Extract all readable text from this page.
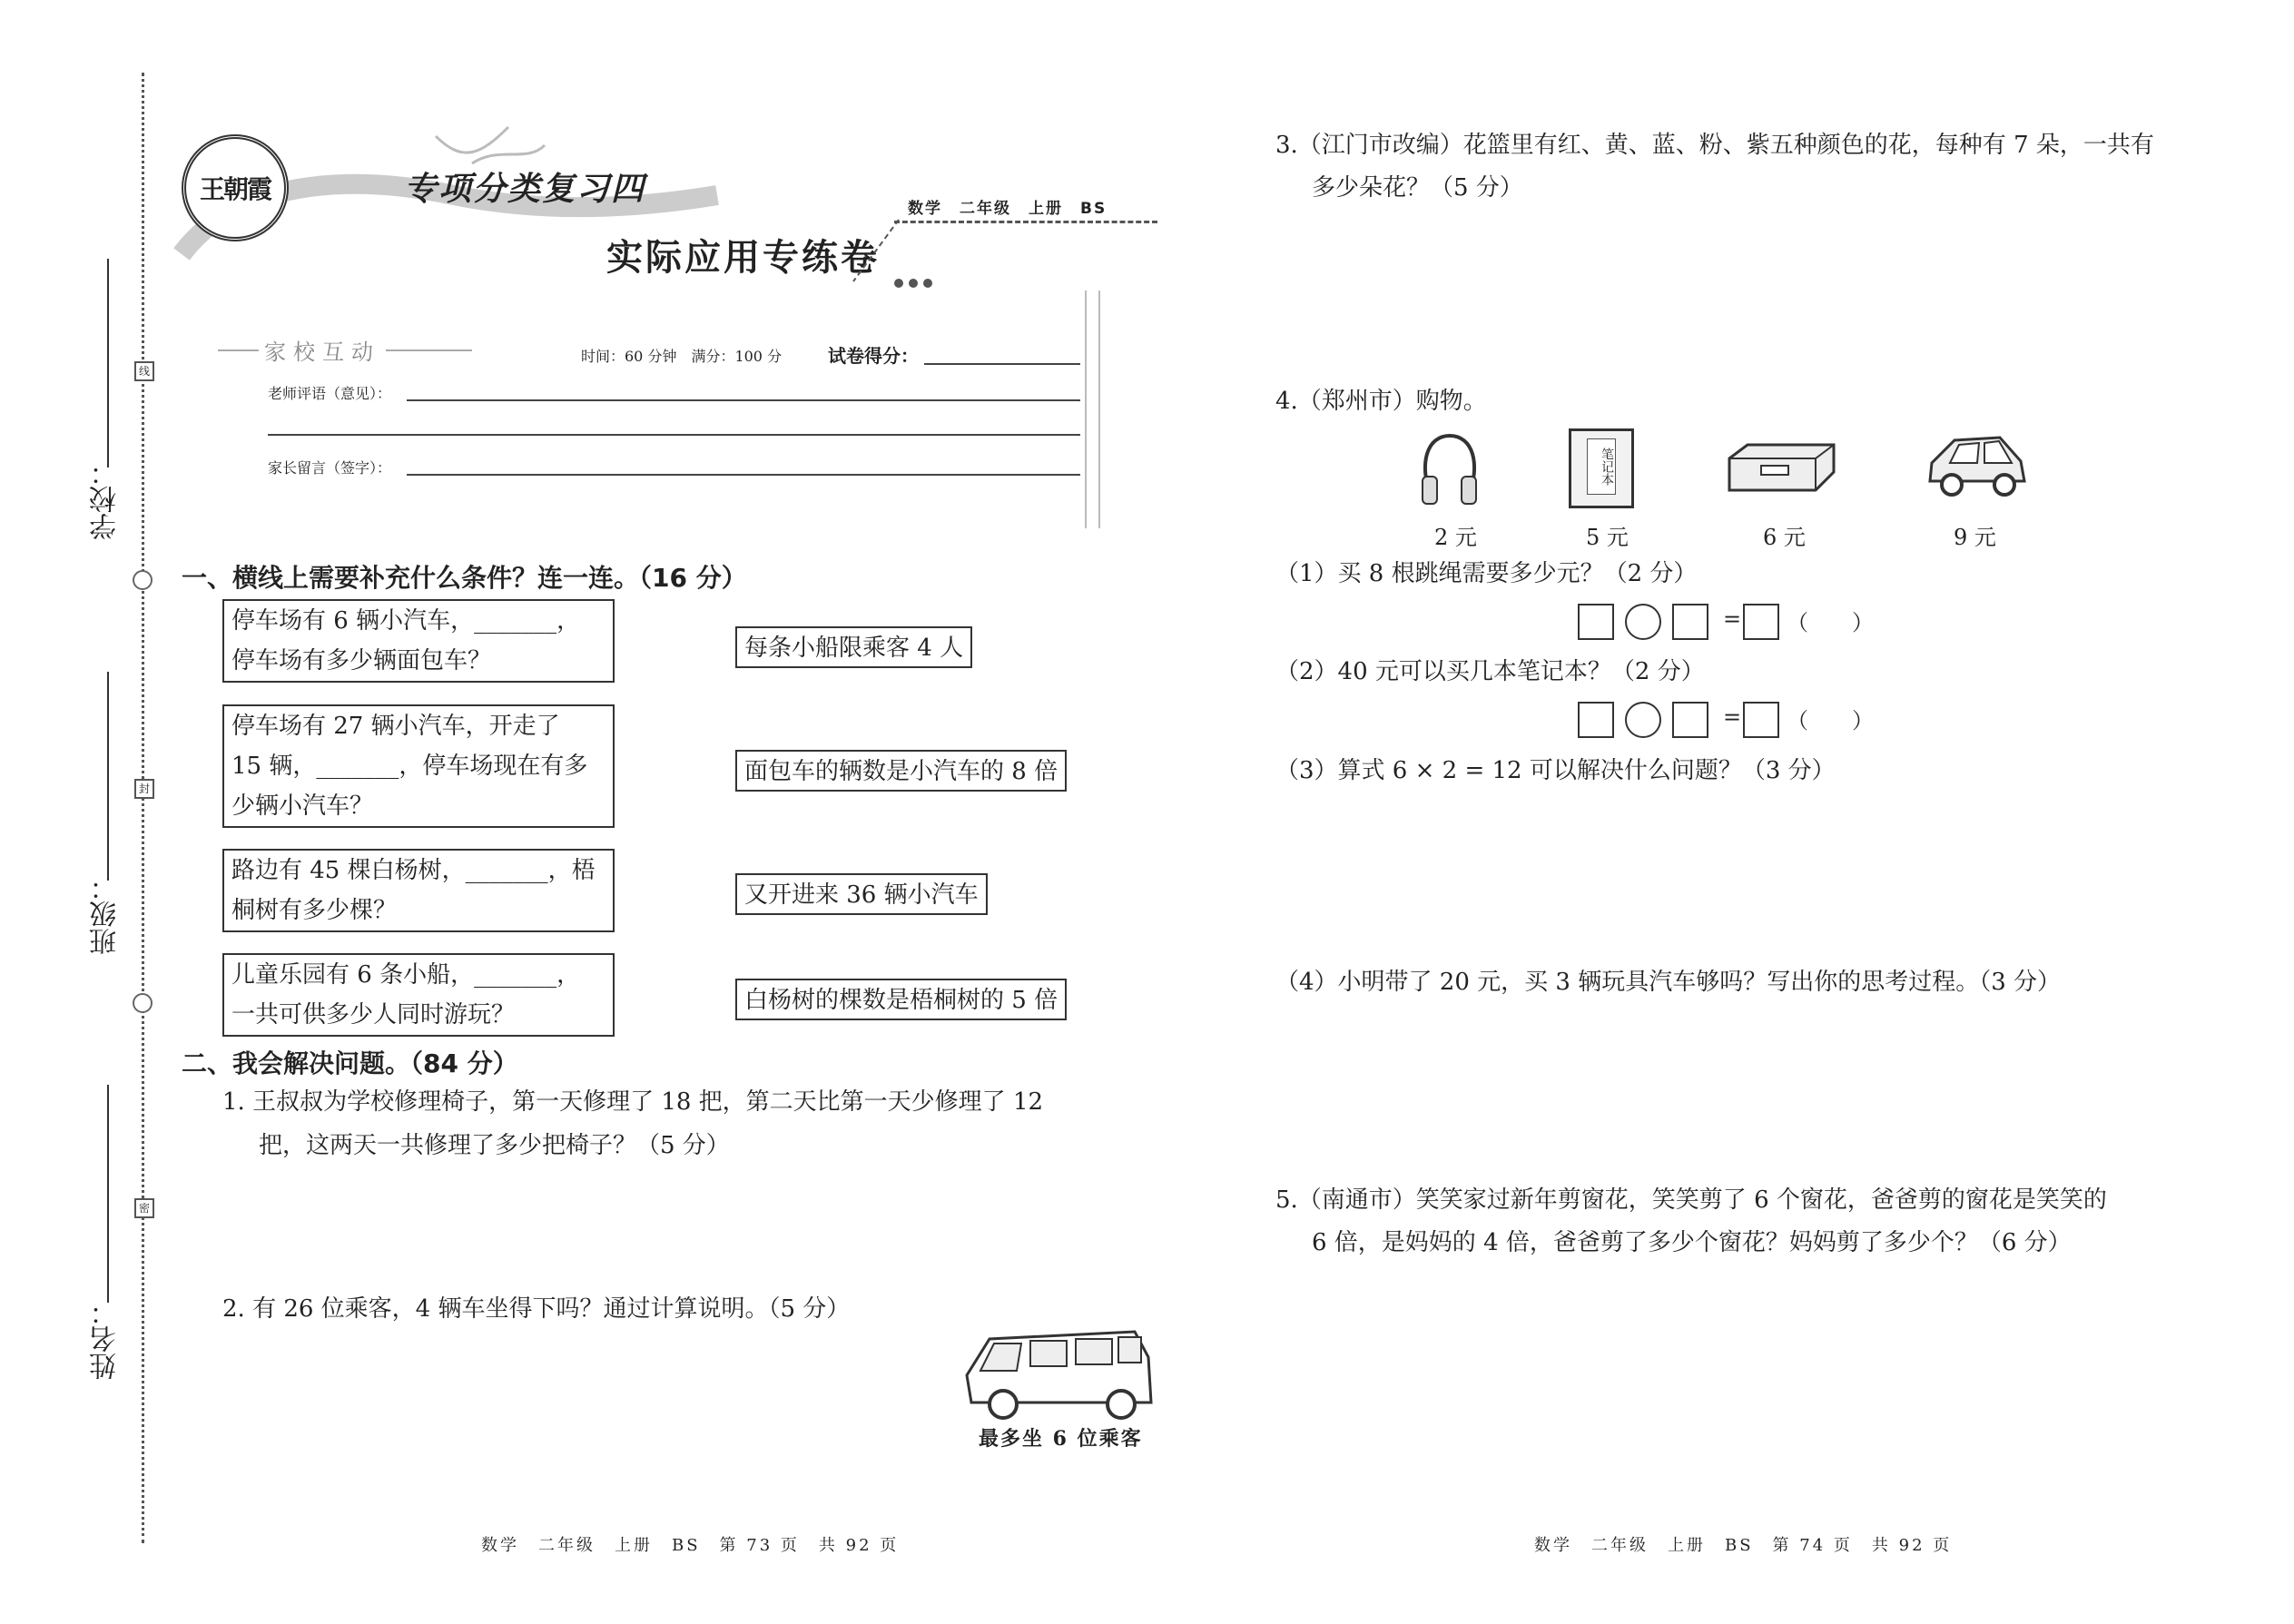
学校：
线
班级：
封
姓名：
密
王朝霞	专项分类复习四
数学　二年级　上册　BS
实际应用专练卷
家校互动	时间：60 分钟　满分：100 分	试卷得分：
老师评语（意见）：
家长留言（签字）：
一、横线上需要补充什么条件？连一连。（16 分）
停车场有 6 辆小汽车，_______，
停车场有多少辆面包车？
停车场有 27 辆小汽车，开走了
15 辆，_______，停车场现在有多
少辆小汽车？
路边有 45 棵白杨树，_______，梧
桐树有多少棵？
儿童乐园有 6 条小船，_______，
一共可供多少人同时游玩？
每条小船限乘客 4 人
面包车的辆数是小汽车的 8 倍
又开进来 36 辆小汽车
白杨树的棵数是梧桐树的 5 倍
二、我会解决问题。（84 分）
1. 王叔叔为学校修理椅子，第一天修理了 18 把，第二天比第一天少修理了 12
把，这两天一共修理了多少把椅子？（5 分）
2. 有 26 位乘客，4 辆车坐得下吗？通过计算说明。（5 分）
最多坐 6 位乘客
数学　二年级　上册　BS　第 73 页　共 92 页
3.（江门市改编）花篮里有红、黄、蓝、粉、紫五种颜色的花，每种有 7 朵，一共有
多少朵花？（5 分）
4.（郑州市）购物。
笔记本
2 元	5 元	6 元	9 元
（1）买 8 根跳绳需要多少元？（2 分）
= （　　）
（2）40 元可以买几本笔记本？（2 分）
= （　　）
（3）算式 6 × 2 = 12 可以解决什么问题？（3 分）
（4）小明带了 20 元，买 3 辆玩具汽车够吗？写出你的思考过程。（3 分）
5.（南通市）笑笑家过新年剪窗花，笑笑剪了 6 个窗花，爸爸剪的窗花是笑笑的
6 倍，是妈妈的 4 倍，爸爸剪了多少个窗花？妈妈剪了多少个？（6 分）
数学　二年级　上册　BS　第 74 页　共 92 页
